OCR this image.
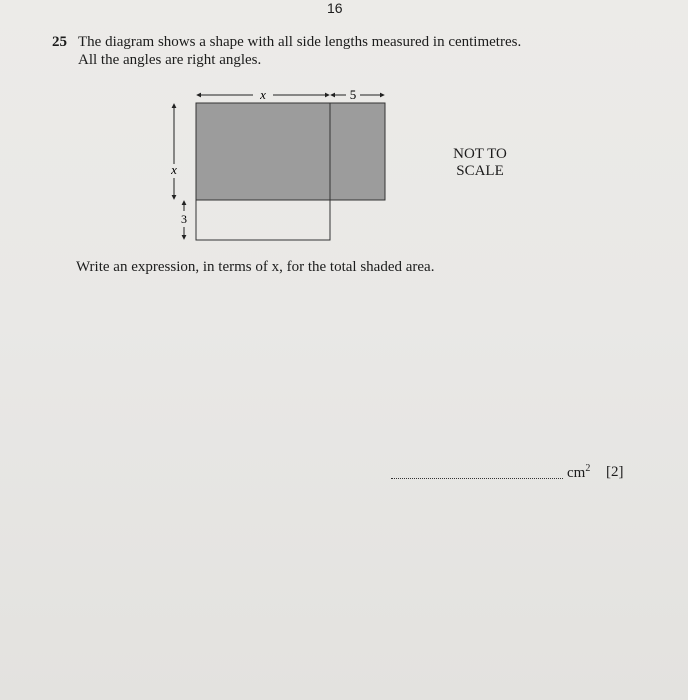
16
25 The diagram shows a shape with all side lengths measured in centimetres.
All the angles are right angles.
x	5
x
3
NOT TO
SCALE
Write an expression, in terms of x, for the total shaded area.
$cm^2$ [2]
